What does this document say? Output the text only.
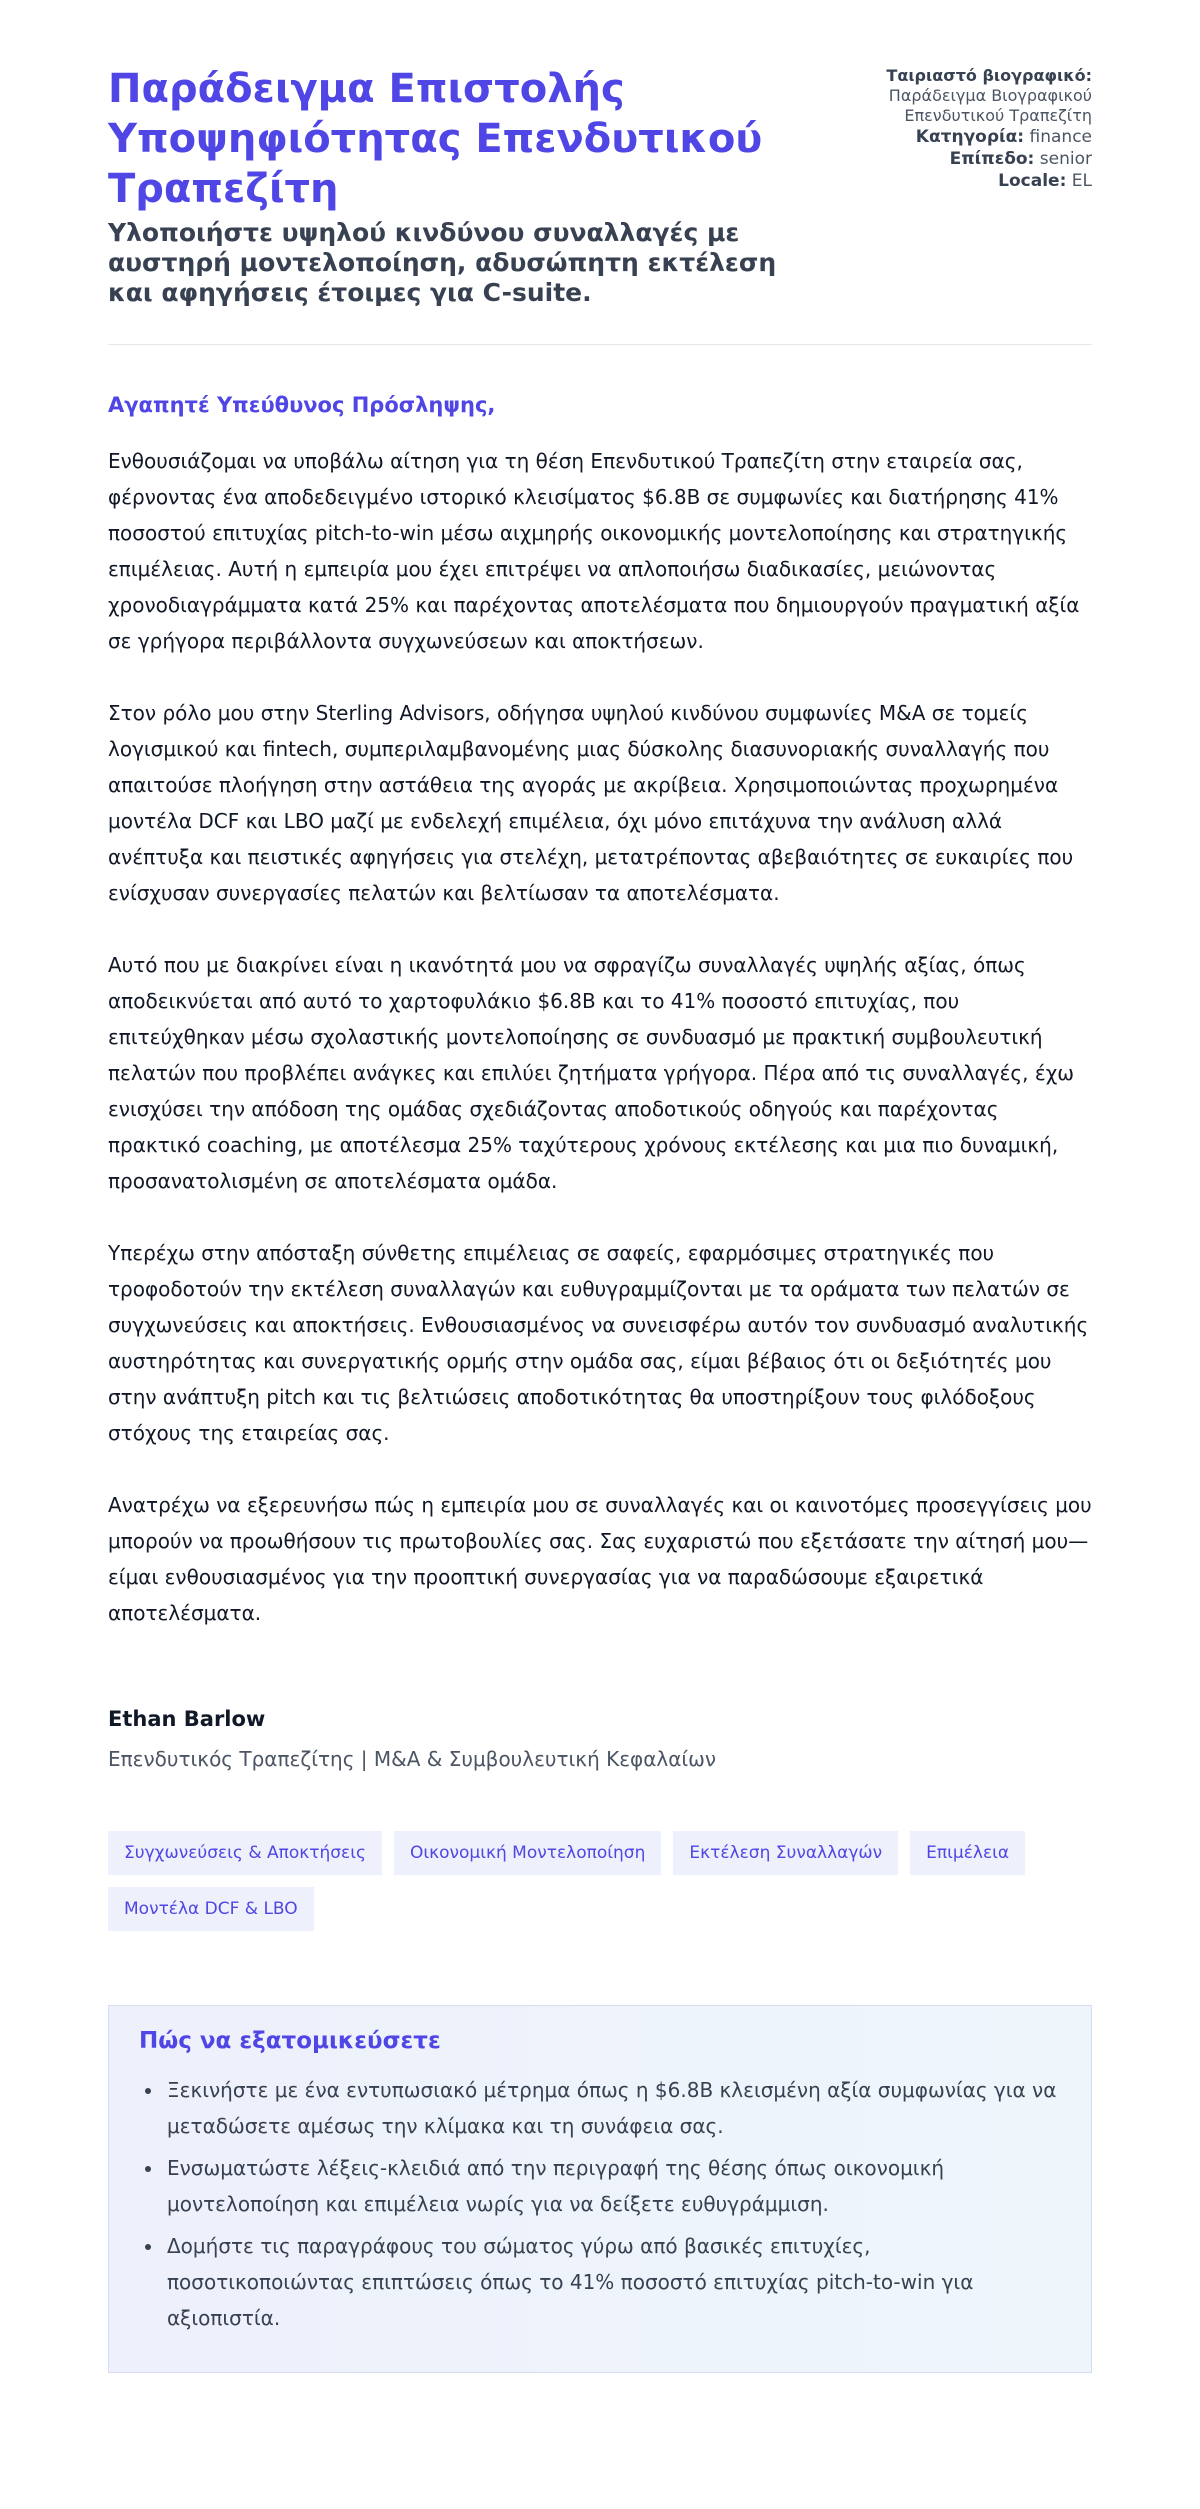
Παράδειγμα Επιστολής Υποψηφιότητας Επενδυτικού Τραπεζίτη
Υλοποιήστε υψηλού κινδύνου συναλλαγές με αυστηρή μοντελοποίηση, αδυσώπητη εκτέλεση και αφηγήσεις έτοιμες για C-suite.
Ταιριαστό βιογραφικό:
Παράδειγμα Βιογραφικού Επενδυτικού Τραπεζίτη
Κατηγορία: finance
Επίπεδο: senior
Locale: EL

Αγαπητέ Υπεύθυνος Πρόσληψης,

Ενθουσιάζομαι να υποβάλω αίτηση για τη θέση Επενδυτικού Τραπεζίτη στην εταιρεία σας, φέρνοντας ένα αποδεδειγμένο ιστορικό κλεισίματος $6.8B σε συμφωνίες και διατήρησης 41% ποσοστού επιτυχίας pitch-to-win μέσω αιχμηρής οικονομικής μοντελοποίησης και στρατηγικής επιμέλειας. Αυτή η εμπειρία μου έχει επιτρέψει να απλοποιήσω διαδικασίες, μειώνοντας χρονοδιαγράμματα κατά 25% και παρέχοντας αποτελέσματα που δημιουργούν πραγματική αξία σε γρήγορα περιβάλλοντα συγχωνεύσεων και αποκτήσεων.

Στον ρόλο μου στην Sterling Advisors, οδήγησα υψηλού κινδύνου συμφωνίες M&A σε τομείς λογισμικού και fintech, συμπεριλαμβανομένης μιας δύσκολης διασυνοριακής συναλλαγής που απαιτούσε πλοήγηση στην αστάθεια της αγοράς με ακρίβεια. Χρησιμοποιώντας προχωρημένα μοντέλα DCF και LBO μαζί με ενδελεχή επιμέλεια, όχι μόνο επιτάχυνα την ανάλυση αλλά ανέπτυξα και πειστικές αφηγήσεις για στελέχη, μετατρέποντας αβεβαιότητες σε ευκαιρίες που ενίσχυσαν συνεργασίες πελατών και βελτίωσαν τα αποτελέσματα.

Αυτό που με διακρίνει είναι η ικανότητά μου να σφραγίζω συναλλαγές υψηλής αξίας, όπως αποδεικνύεται από αυτό το χαρτοφυλάκιο $6.8B και το 41% ποσοστό επιτυχίας, που επιτεύχθηκαν μέσω σχολαστικής μοντελοποίησης σε συνδυασμό με πρακτική συμβουλευτική πελατών που προβλέπει ανάγκες και επιλύει ζητήματα γρήγορα. Πέρα από τις συναλλαγές, έχω ενισχύσει την απόδοση της ομάδας σχεδιάζοντας αποδοτικούς οδηγούς και παρέχοντας πρακτικό coaching, με αποτέλεσμα 25% ταχύτερους χρόνους εκτέλεσης και μια πιο δυναμική, προσανατολισμένη σε αποτελέσματα ομάδα.

Υπερέχω στην απόσταξη σύνθετης επιμέλειας σε σαφείς, εφαρμόσιμες στρατηγικές που τροφοδοτούν την εκτέλεση συναλλαγών και ευθυγραμμίζονται με τα οράματα των πελατών σε συγχωνεύσεις και αποκτήσεις. Ενθουσιασμένος να συνεισφέρω αυτόν τον συνδυασμό αναλυτικής αυστηρότητας και συνεργατικής ορμής στην ομάδα σας, είμαι βέβαιος ότι οι δεξιότητές μου στην ανάπτυξη pitch και τις βελτιώσεις αποδοτικότητας θα υποστηρίξουν τους φιλόδοξους στόχους της εταιρείας σας.

Ανατρέχω να εξερευνήσω πώς η εμπειρία μου σε συναλλαγές και οι καινοτόμες προσεγγίσεις μου μπορούν να προωθήσουν τις πρωτοβουλίες σας. Σας ευχαριστώ που εξετάσατε την αίτησή μου—είμαι ενθουσιασμένος για την προοπτική συνεργασίας για να παραδώσουμε εξαιρετικά αποτελέσματα.

Ethan Barlow

Επενδυτικός Τραπεζίτης | M&A & Συμβουλευτική Κεφαλαίων

Συγχωνεύσεις & Αποκτήσεις	Οικονομική Μοντελοποίηση	Εκτέλεση Συναλλαγών	Επιμέλεια
Μοντέλα DCF & LBO
Πώς να εξατομικεύσετε
Ξεκινήστε με ένα εντυπωσιακό μέτρημα όπως η $6.8B κλεισμένη αξία συμφωνίας για να μεταδώσετε αμέσως την κλίμακα και τη συνάφεια σας.
Ενσωματώστε λέξεις-κλειδιά από την περιγραφή της θέσης όπως οικονομική μοντελοποίηση και επιμέλεια νωρίς για να δείξετε ευθυγράμμιση.
Δομήστε τις παραγράφους του σώματος γύρω από βασικές επιτυχίες, ποσοτικοποιώντας επιπτώσεις όπως το 41% ποσοστό επιτυχίας pitch-to-win για αξιοπιστία.
